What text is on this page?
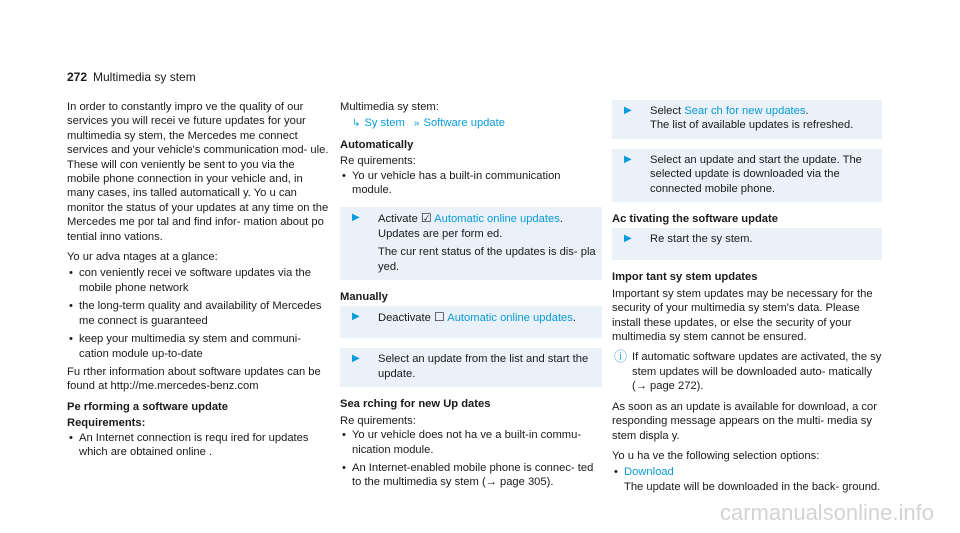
272 Multimedia sy stem

In order to constantly impro ve the quality of our services you will recei ve future updates for your multimedia sy stem, the Mercedes me connect services and your vehicle's communication mod‐ ule. These will con veniently be sent to you via the mobile phone connection in your vehicle and, in many cases, ins talled automaticall y. Yo u can monitor the status of your updates at any time on the Mercedes me por tal and find infor‐ mation about po tential inno vations.

Yo ur adva ntages at a glance:

• con veniently recei ve software updates via the mobile phone network
• the long-term quality and availability of Mercedes me connect is guaranteed
• keep your multimedia sy stem and communi‐ cation module up-to-date

Fu rther information about software updates can be found at http://me.mercedes-benz.com

Pe rforming a software update

Requirements:

• An Internet connection is requ ired for updates which are obtained online .

Multimedia sy stem:

↳ Sy stem » Software update

Automatically

Re quirements:

• Yo ur vehicle has a built-in communication module.
▶ Activate ☑ Automatic online updates.
Updates are per form ed.
The cur rent status of the updates is dis‐ pla yed.

Manually

▶ Deactivate ☐ Automatic online updates.
▶ Select an update from the list and start the update.

Sea rching for new Up dates

Re quirements:

• Yo ur vehicle does not ha ve a built-in commu‐ nication module.
• An Internet-enabled mobile phone is connec‐ ted to the multimedia sy stem (→ page 305).
▶ Select Sear ch for new updates.
The list of available updates is refreshed.
▶ Select an update and start the update. The selected update is downloaded via the connected mobile phone.

Ac tivating the software update

▶ Re start the sy stem.

Impor tant sy stem updates

Important sy stem updates may be necessary for the security of your multimedia sy stem's data. Please install these updates, or else the security of your multimedia sy stem cannot be ensured.

ⓘ If automatic software updates are activated, the sy stem updates will be downloaded auto‐ matically (→ page 272).

As soon as an update is available for download, a cor responding message appears on the multi‐ media sy stem displa y.

Yo u ha ve the following selection options:

• Download
The update will be downloaded in the back‐ ground.
carmanualsonline.info
